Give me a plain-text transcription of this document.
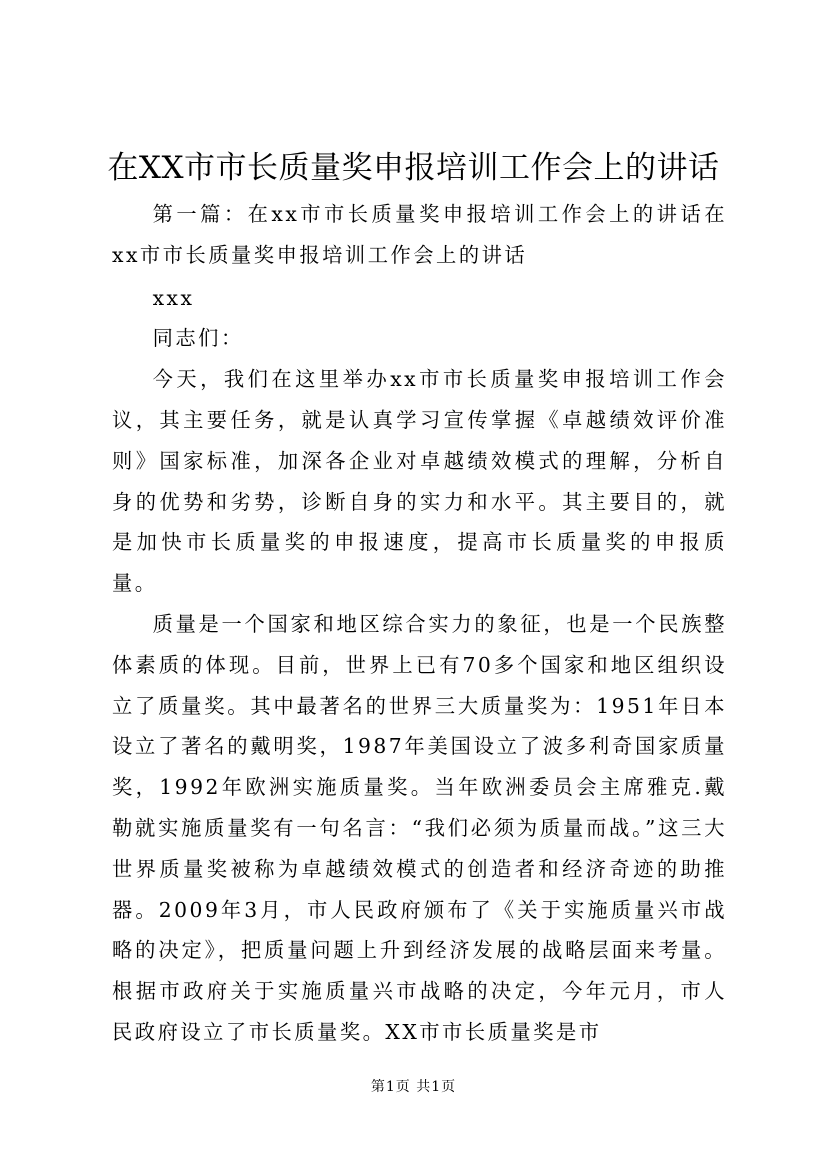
在XX市市长质量奖申报培训工作会上的讲话

第一篇：在xx市市长质量奖申报培训工作会上的讲话在xx市市长质量奖申报培训工作会上的讲话

xxx

同志们：

今天，我们在这里举办xx市市长质量奖申报培训工作会议，其主要任务，就是认真学习宣传掌握《卓越绩效评价准则》国家标准，加深各企业对卓越绩效模式的理解，分析自身的优势和劣势，诊断自身的实力和水平。其主要目的，就是加快市长质量奖的申报速度，提高市长质量奖的申报质量。

质量是一个国家和地区综合实力的象征，也是一个民族整体素质的体现。目前，世界上已有70多个国家和地区组织设立了质量奖。其中最著名的世界三大质量奖为：1951年日本设立了著名的戴明奖，1987年美国设立了波多利奇国家质量奖，1992年欧洲实施质量奖。当年欧洲委员会主席雅克.戴勒就实施质量奖有一句名言：“我们必须为质量而战。”这三大世界质量奖被称为卓越绩效模式的创造者和经济奇迹的助推器。2009年3月，市人民政府颁布了《关于实施质量兴市战略的决定》，把质量问题上升到经济发展的战略层面来考量。根据市政府关于实施质量兴市战略的决定，今年元月，市人民政府设立了市长质量奖。XX市市长质量奖是市

第1页 共1页
